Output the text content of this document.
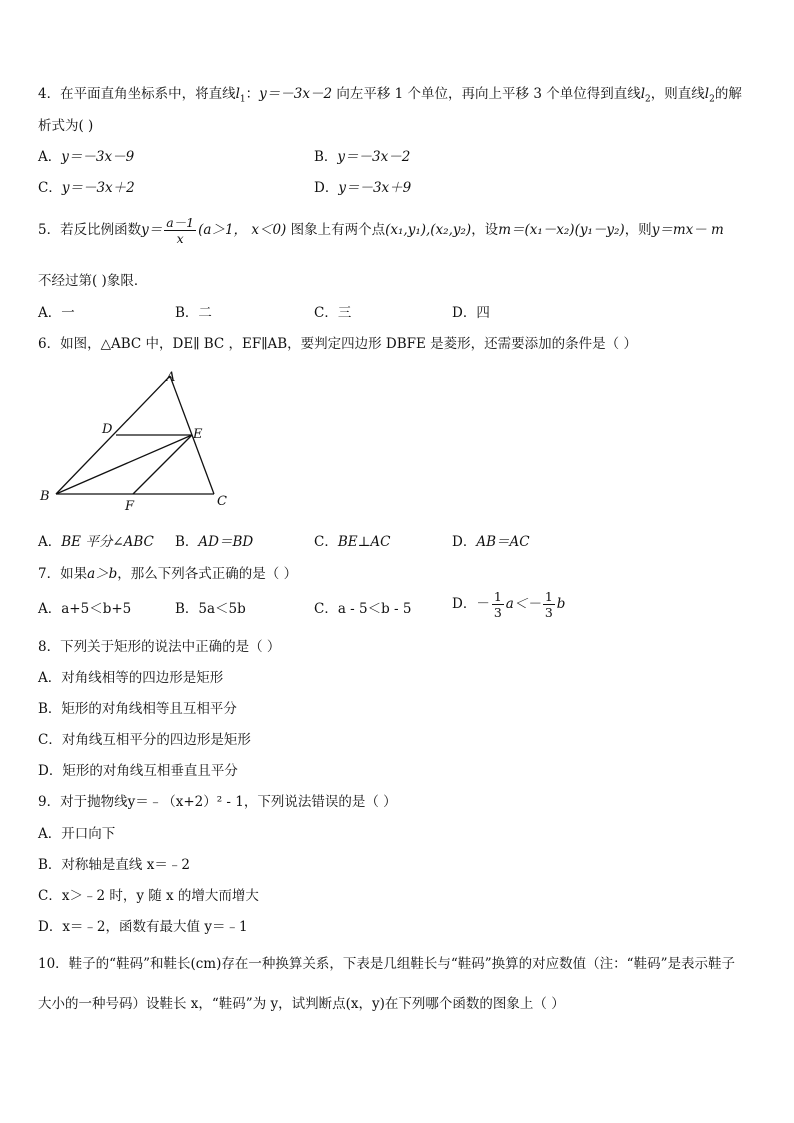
4．在平面直角坐标系中，将直线$l_1$：y＝－3x－2 向左平移 1 个单位，再向上平移 3 个单位得到直线$l_2$，则直线$l_2$的解
析式为( )
A．y＝－3x－9	B．y＝－3x－2
C．y＝－3x＋2	D．y＝－3x＋9
5．若反比例函数$y= \frac{a-1}{x} (a>1$， x＜0) 图象上有两个点(x₁,y₁),(x₂,y₂)，设m＝(x₁－x₂)(y₁－y₂)，则y＝mx－ m
不经过第( )象限．
A．一	B．二	C．三	D．四
6．如图，△ABC 中，DE∥ BC ，EF∥AB，要判定四边形 DBFE 是菱形，还需要添加的条件是（ ）
A
D	E
B
F	C
A．BE 平分∠ABC B．AD＝BD	C．BE⊥AC	D．AB＝AC
7．如果a＞b，那么下列各式正确的是（ ）
A．a+5＜b+5	B．5a＜5b	C．a - 5＜b - 5	D．－ $\frac{1}{3} a<- \frac{1}{3}$ b
8．下列关于矩形的说法中正确的是（ ）
A．对角线相等的四边形是矩形
B．矩形的对角线相等且互相平分
C．对角线互相平分的四边形是矩形
D．矩形的对角线互相垂直且平分
9．对于抛物线y＝﹣（x+2）² - 1，下列说法错误的是（ ）
A．开口向下
B．对称轴是直线 x＝﹣2
C．x＞﹣2 时，y 随 x 的增大而增大
D．x＝﹣2，函数有最大值 y＝﹣1
10．鞋子的“鞋码”和鞋长(cm)存在一种换算关系，下表是几组鞋长与“鞋码”换算的对应数值（注：“鞋码”是表示鞋子
大小的一种号码）设鞋长 x，“鞋码”为 y，试判断点(x，y)在下列哪个函数的图象上（ ）
